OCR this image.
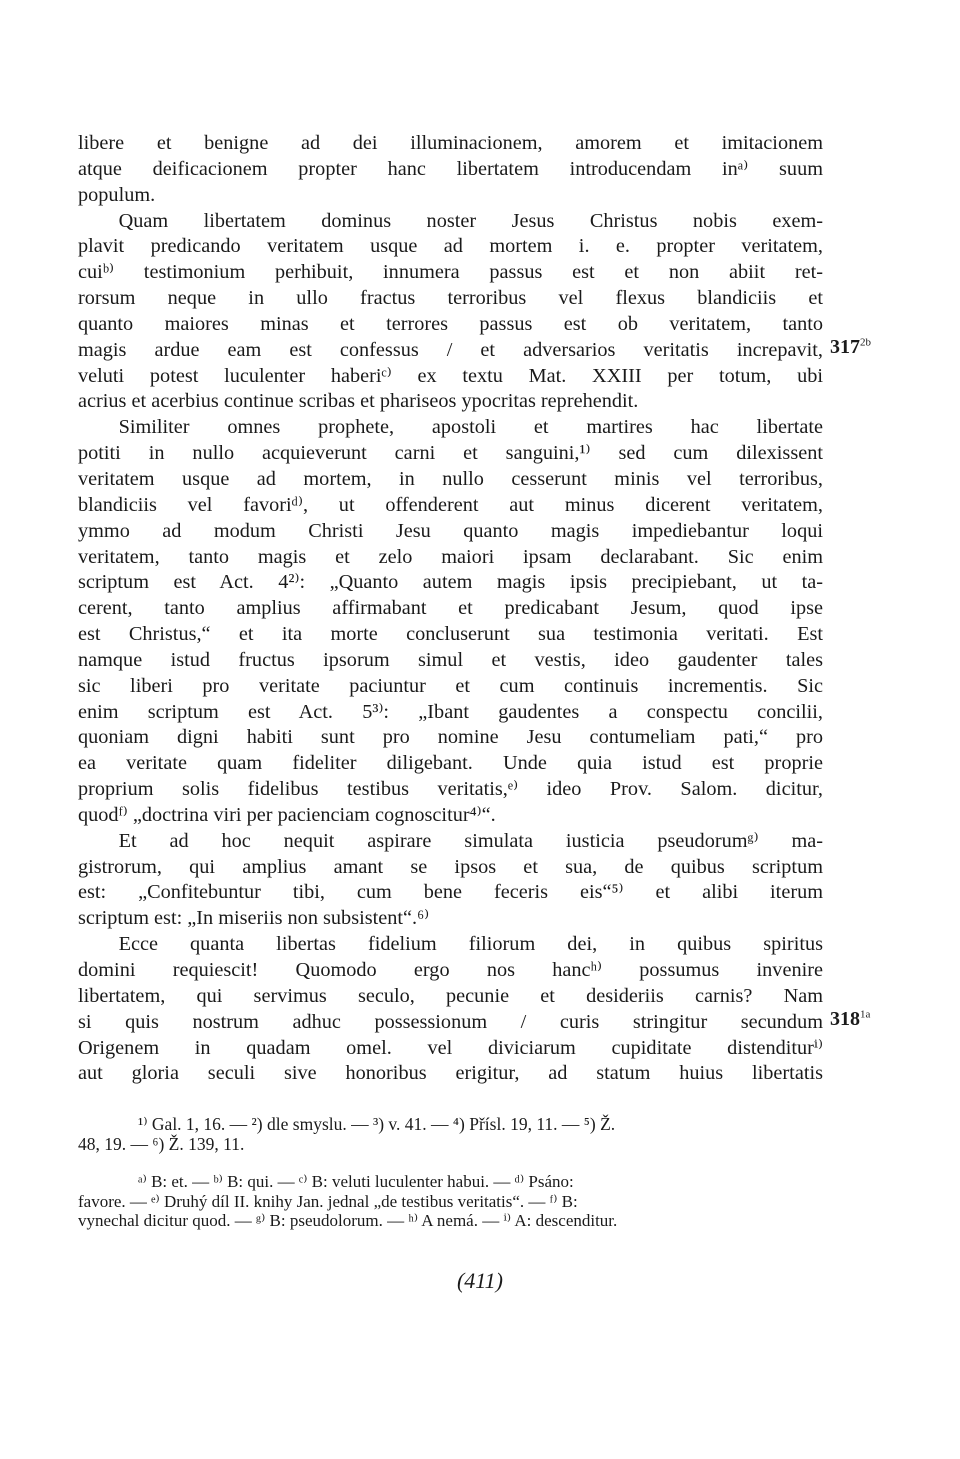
libere et benigne ad dei illuminacionem, amorem et imitacionem
atque deificacionem propter hanc libertatem introducendam inᵃ⁾ suum
populum.
  Quam libertatem dominus noster Jesus Christus nobis exem-
plavit predicando veritatem usque ad mortem i. e. propter veritatem,
cuiᵇ⁾ testimonium perhibuit, innumera passus est et non abiit ret-
rorsum neque in ullo fractus terroribus vel flexus blandiciis et
quanto maiores minas et terrores passus est ob veritatem, tanto
magis ardue eam est confessus / et adversarios veritatis increpavit,
veluti potest luculenter haberiᶜ⁾ ex textu Mat. XXIII per totum, ubi
acrius et acerbius continue scribas et phariseos ypocritas reprehendit.
  Similiter omnes prophete, apostoli et martires hac libertate
potiti in nullo acquieverunt carni et sanguini,¹⁾ sed cum dilexissent
veritatem usque ad mortem, in nullo cesserunt minis vel terroribus,
blandiciis vel favoriᵈ⁾, ut offenderent aut minus dicerent veritatem,
ymmo ad modum Christi Jesu quanto magis impediebantur loqui
veritatem, tanto magis et zelo maiori ipsam declarabant. Sic enim
scriptum est Act. 4²⁾: „Quanto autem magis ipsis precipiebant, ut ta-
cerent, tanto amplius affirmabant et predicabant Jesum, quod ipse
est Christus,“ et ita morte concluserunt sua testimonia veritati. Est
namque istud fructus ipsorum simul et vestis, ideo gaudenter tales
sic liberi pro veritate paciuntur et cum continuis incrementis. Sic
enim scriptum est Act. 5³⁾: „Ibant gaudentes a conspectu concilii,
quoniam digni habiti sunt pro nomine Jesu contumeliam pati,“ pro
ea veritate quam fideliter diligebant. Unde quia istud est proprie
proprium solis fidelibus testibus veritatis,ᵉ⁾ ideo Prov. Salom. dicitur,
quodᶠ⁾ „doctrina viri per pacienciam cognoscitur⁴⁾“.
  Et ad hoc nequit aspirare simulata iusticia pseudorumᵍ⁾ ma-
gistrorum, qui amplius amant se ipsos et sua, de quibus scriptum
est: „Confitebuntur tibi, cum bene feceris eis“⁵⁾ et alibi iterum
scriptum est: „In miseriis non subsistent“.⁶⁾
  Ecce quanta libertas fidelium filiorum dei, in quibus spiritus
domini requiescit! Quomodo ergo nos hancʰ⁾ possumus invenire
libertatem, qui servimus seculo, pecunie et desideriis carnis? Nam
si quis nostrum adhuc possessionum / curis stringitur secundum
Origenem in quadam omel. vel diviciarum cupiditate distenditurⁱ⁾
aut gloria seculi sive honoribus erigitur, ad statum huius libertatis
$317^{2b}$
$318^{1a}$
¹⁾ Gal. 1, 16. — ²) dle smyslu. — ³) v. 41. — ⁴) Přísl. 19, 11. — ⁵) Ž.
48, 19. — ⁶) Ž. 139, 11.
ᵃ⁾ B: et. — ᵇ⁾ B: qui. — ᶜ⁾ B: veluti luculenter habui. — ᵈ⁾ Psáno:
favore. — ᵉ⁾ Druhý díl II. knihy Jan. jednal „de testibus veritatis“. — ᶠ⁾ B:
vynechal dicitur quod. — ᵍ⁾ B: pseudolorum. — ʰ⁾ A nemá. — ⁱ⁾ A: descenditur.
(411)
